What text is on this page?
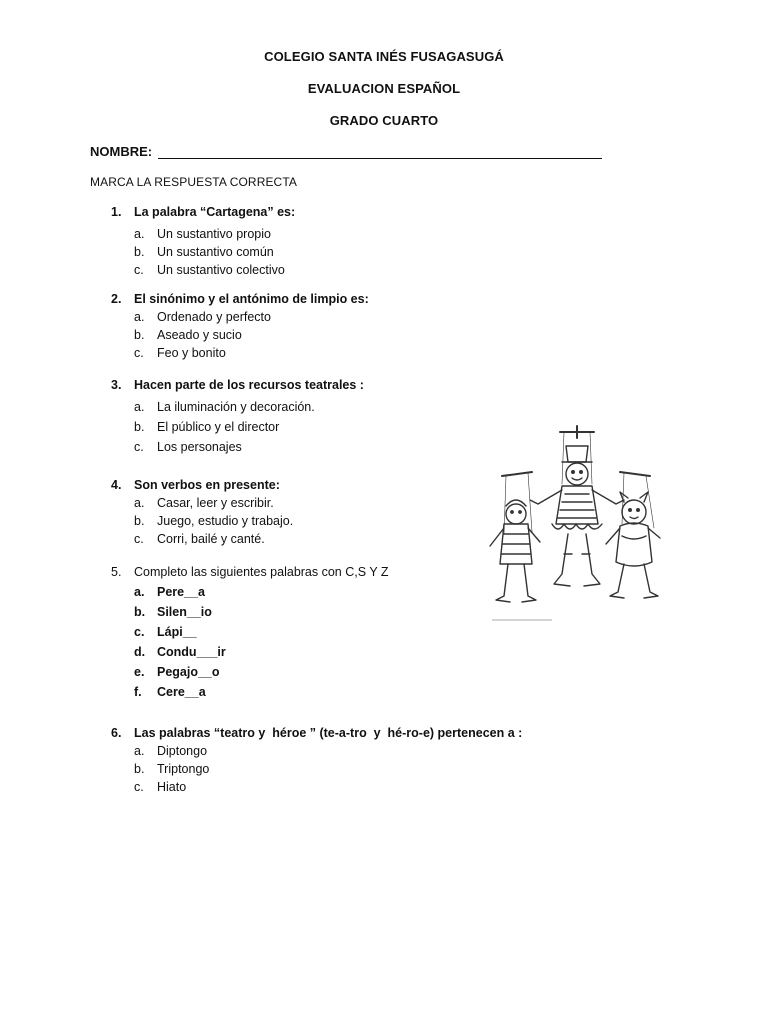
COLEGIO SANTA INÉS FUSAGASUGÁ
EVALUACION ESPAÑOL
GRADO CUARTO
NOMBRE:
MARCA LA RESPUESTA CORRECTA
1.	La palabra “Cartagena” es:
a.	Un sustantivo propio
b.	Un sustantivo común
c.	Un sustantivo colectivo
2.	El sinónimo y el antónimo de limpio es:
a.	Ordenado y perfecto
b.	Aseado y sucio
c.	Feo y bonito
3.	Hacen parte de los recursos teatrales :
a.	La iluminación y decoración.
b.	El público y el director
c.	Los personajes
4.	Son verbos en presente:
a.	Casar, leer y escribir.
b.	Juego, estudio y trabajo.
c.	Corri, bailé y canté.
5.	Completo las siguientes palabras con C,S Y Z
a.	Pere__a
b. Silen__io
c.	Lápi__
d. Condu___ir
e.	Pegajo__o
f.	Cere__a
6.	Las palabras “teatro y  héroe ” (te-a-tro  y  hé-ro-e) pertenecen a :
a.	Diptongo
b.	Triptongo
c.	Hiato
